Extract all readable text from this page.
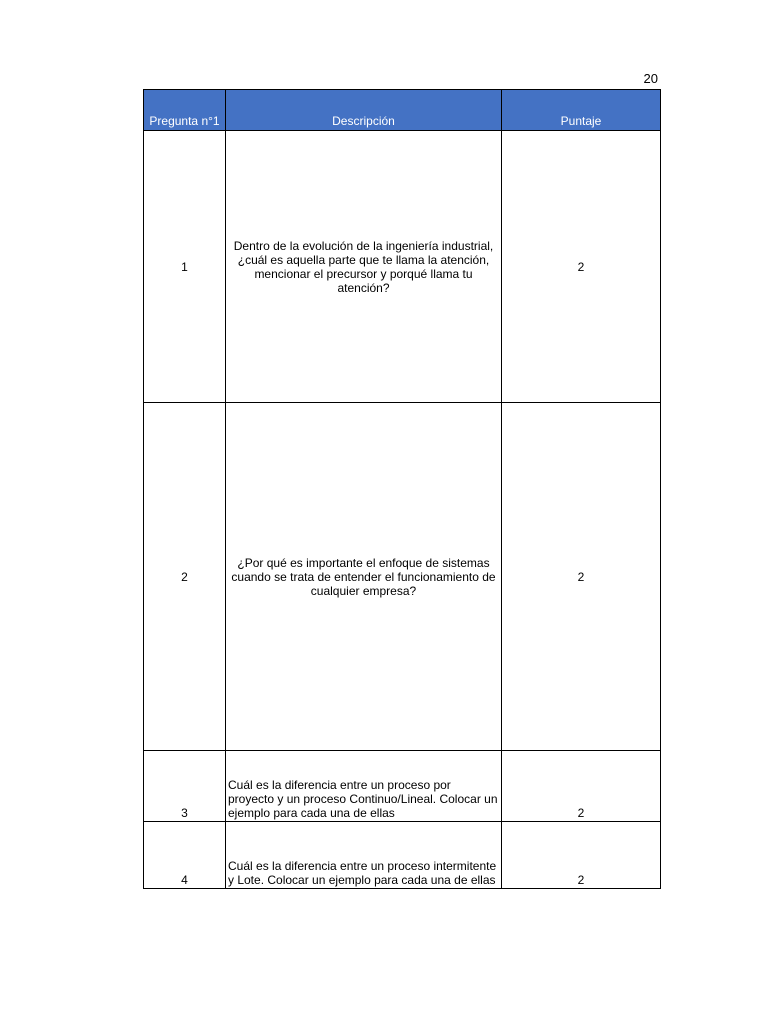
20
Pregunta n°1	Descripción	Puntaje
1	Dentro de la evolución de la ingeniería industrial, ¿cuál es aquella parte que te llama la atención, mencionar el precursor y porqué llama tu atención?	2
2	¿Por qué es importante el enfoque de sistemas cuando se trata de entender el funcionamiento de cualquier empresa?	2
3	Cuál es la diferencia entre un proceso por proyecto y un proceso Continuo/Lineal. Colocar un ejemplo para cada una de ellas	2
4	Cuál es la diferencia entre un proceso intermitente y Lote. Colocar un ejemplo para cada una de ellas	2
